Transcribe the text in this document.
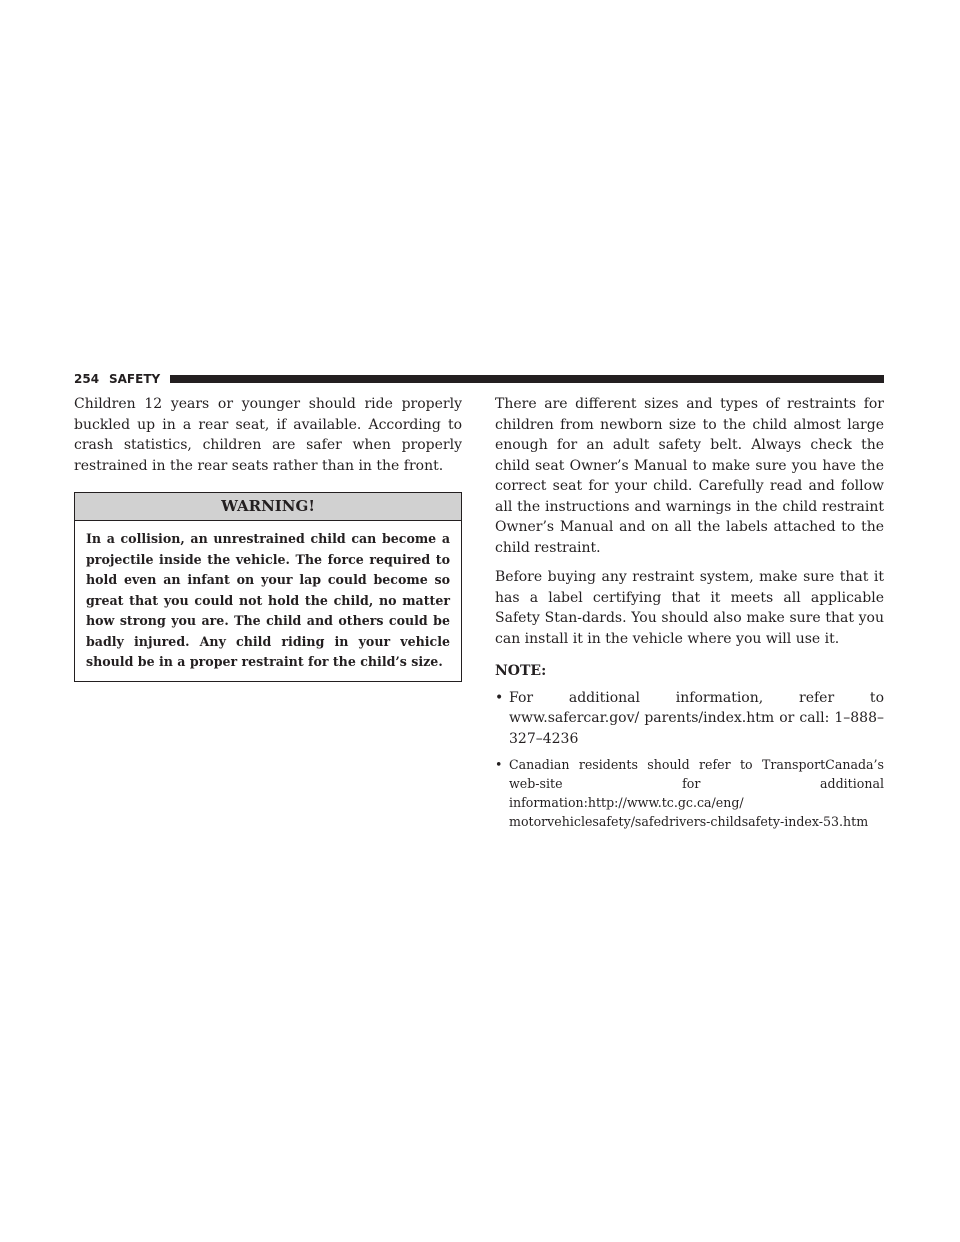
254 SAFETY

Children 12 years or younger should ride properly buckled up in a rear seat, if available. According to crash statistics, children are safer when properly restrained in the rear seats rather than in the front.

WARNING!
In a collision, an unrestrained child can become a projectile inside the vehicle. The force required to hold even an infant on your lap could become so great that you could not hold the child, no matter how strong you are. The child and others could be badly injured. Any child riding in your vehicle should be in a proper restraint for the child’s size.

There are different sizes and types of restraints for children from newborn size to the child almost large enough for an adult safety belt. Always check the child seat Owner’s Manual to make sure you have the correct seat for your child. Carefully read and follow all the instructions and warnings in the child restraint Owner’s Manual and on all the labels attached to the child restraint.

Before buying any restraint system, make sure that it has a label certifying that it meets all applicable Safety Stan-dards. You should also make sure that you can install it in the vehicle where you will use it.

NOTE:

• For additional information, refer to www.safercar.gov/ parents/index.htm or call: 1–888–327–4236
• Canadian residents should refer to TransportCanada’s web-site for additional information:http://www.tc.gc.ca/eng/ motorvehiclesafety/safedrivers-childsafety-index-53.htm
